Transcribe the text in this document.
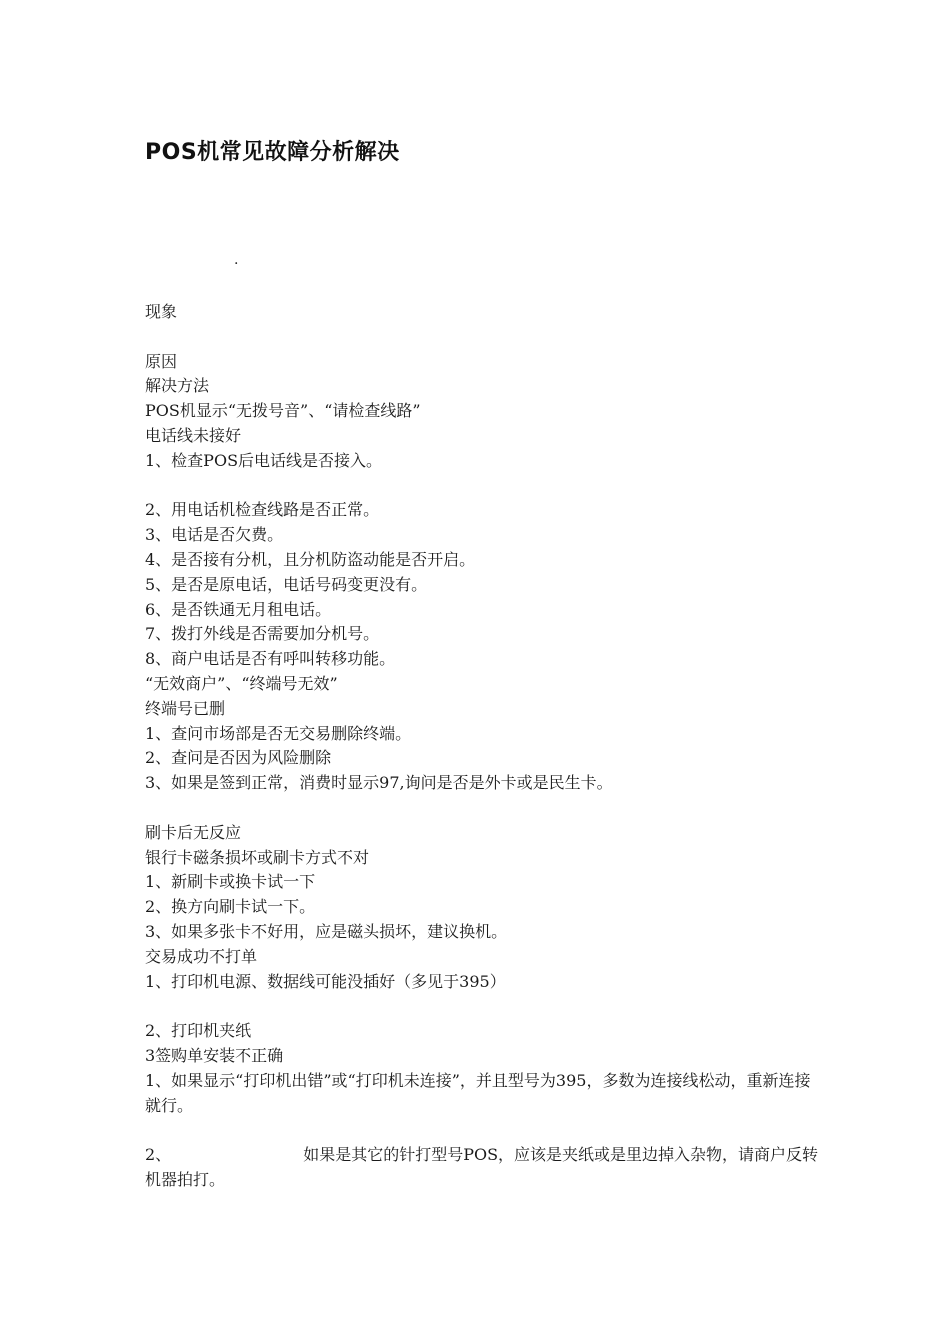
POS机常见故障分析解决
.
现象
原因
解决方法
POS机显示“无拨号音”、“请检查线路”
电话线未接好
1、检查POS后电话线是否接入。
2、用电话机检查线路是否正常。
3、电话是否欠费。
4、是否接有分机，且分机防盗动能是否开启。
5、是否是原电话，电话号码变更没有。
6、是否铁通无月租电话。
7、拨打外线是否需要加分机号。
8、商户电话是否有呼叫转移功能。
“无效商户”、“终端号无效”
终端号已删
1、查问市场部是否无交易删除终端。
2、查问是否因为风险删除
3、如果是签到正常，消费时显示97,询问是否是外卡或是民生卡。
刷卡后无反应
银行卡磁条损坏或刷卡方式不对
1、新刷卡或换卡试一下
2、换方向刷卡试一下。
3、如果多张卡不好用，应是磁头损坏，建议换机。
交易成功不打单
1、打印机电源、数据线可能没插好（多见于395）
2、打印机夹纸
3签购单安装不正确
1、如果显示“打印机出错”或“打印机未连接”，并且型号为395，多数为连接线松动，重新连接就行。
2、	如果是其它的针打型号POS，应该是夹纸或是里边掉入杂物，请商户反转机器拍打。
